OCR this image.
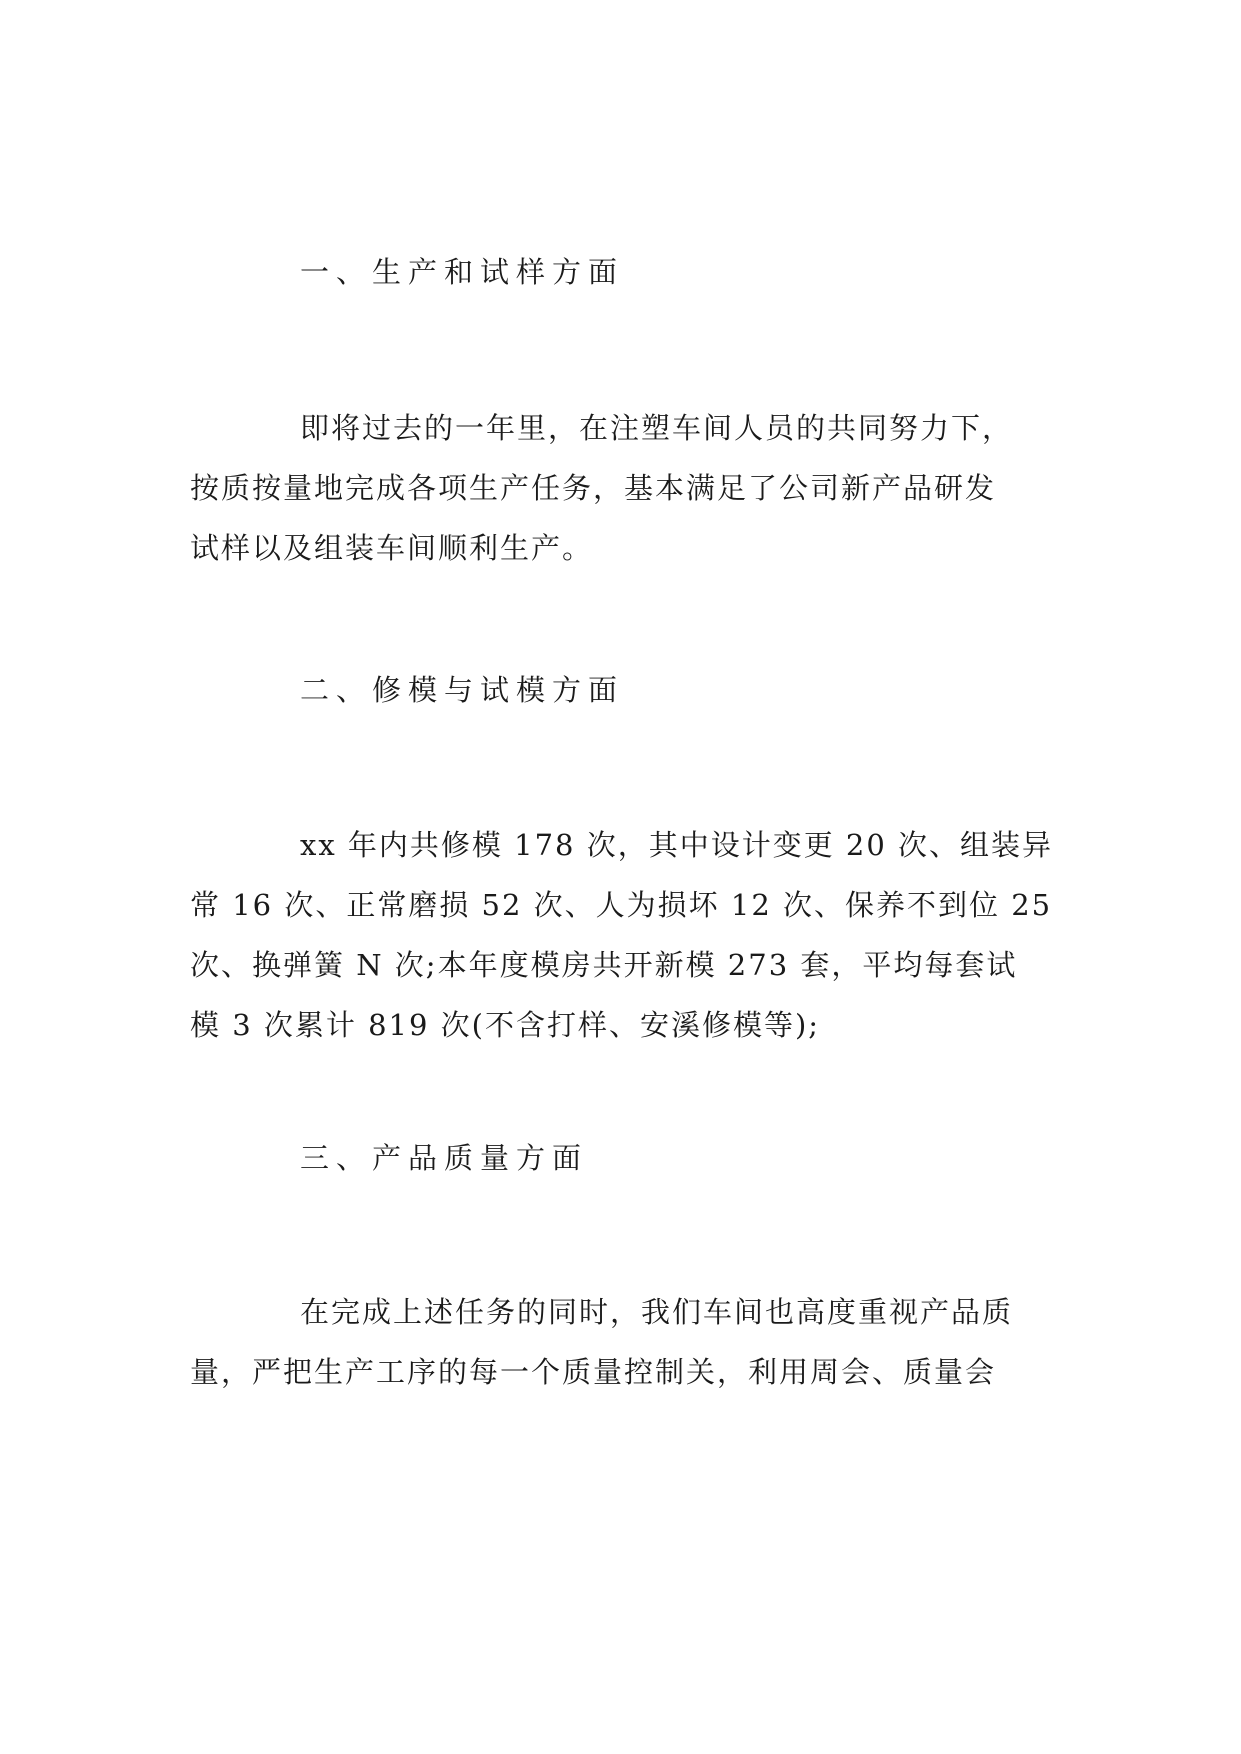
一、生产和试样方面

即将过去的一年里，在注塑车间人员的共同努力下，
按质按量地完成各项生产任务，基本满足了公司新产品研发
试样以及组装车间顺利生产。

二、修模与试模方面

xx 年内共修模 178 次，其中设计变更 20 次、组装异
常 16 次、正常磨损 52 次、人为损坏 12 次、保养不到位 25
次、换弹簧 N 次;本年度模房共开新模 273 套，平均每套试
模 3 次累计 819 次(不含打样、安溪修模等);

三、产品质量方面

在完成上述任务的同时，我们车间也高度重视产品质
量，严把生产工序的每一个质量控制关，利用周会、质量会
